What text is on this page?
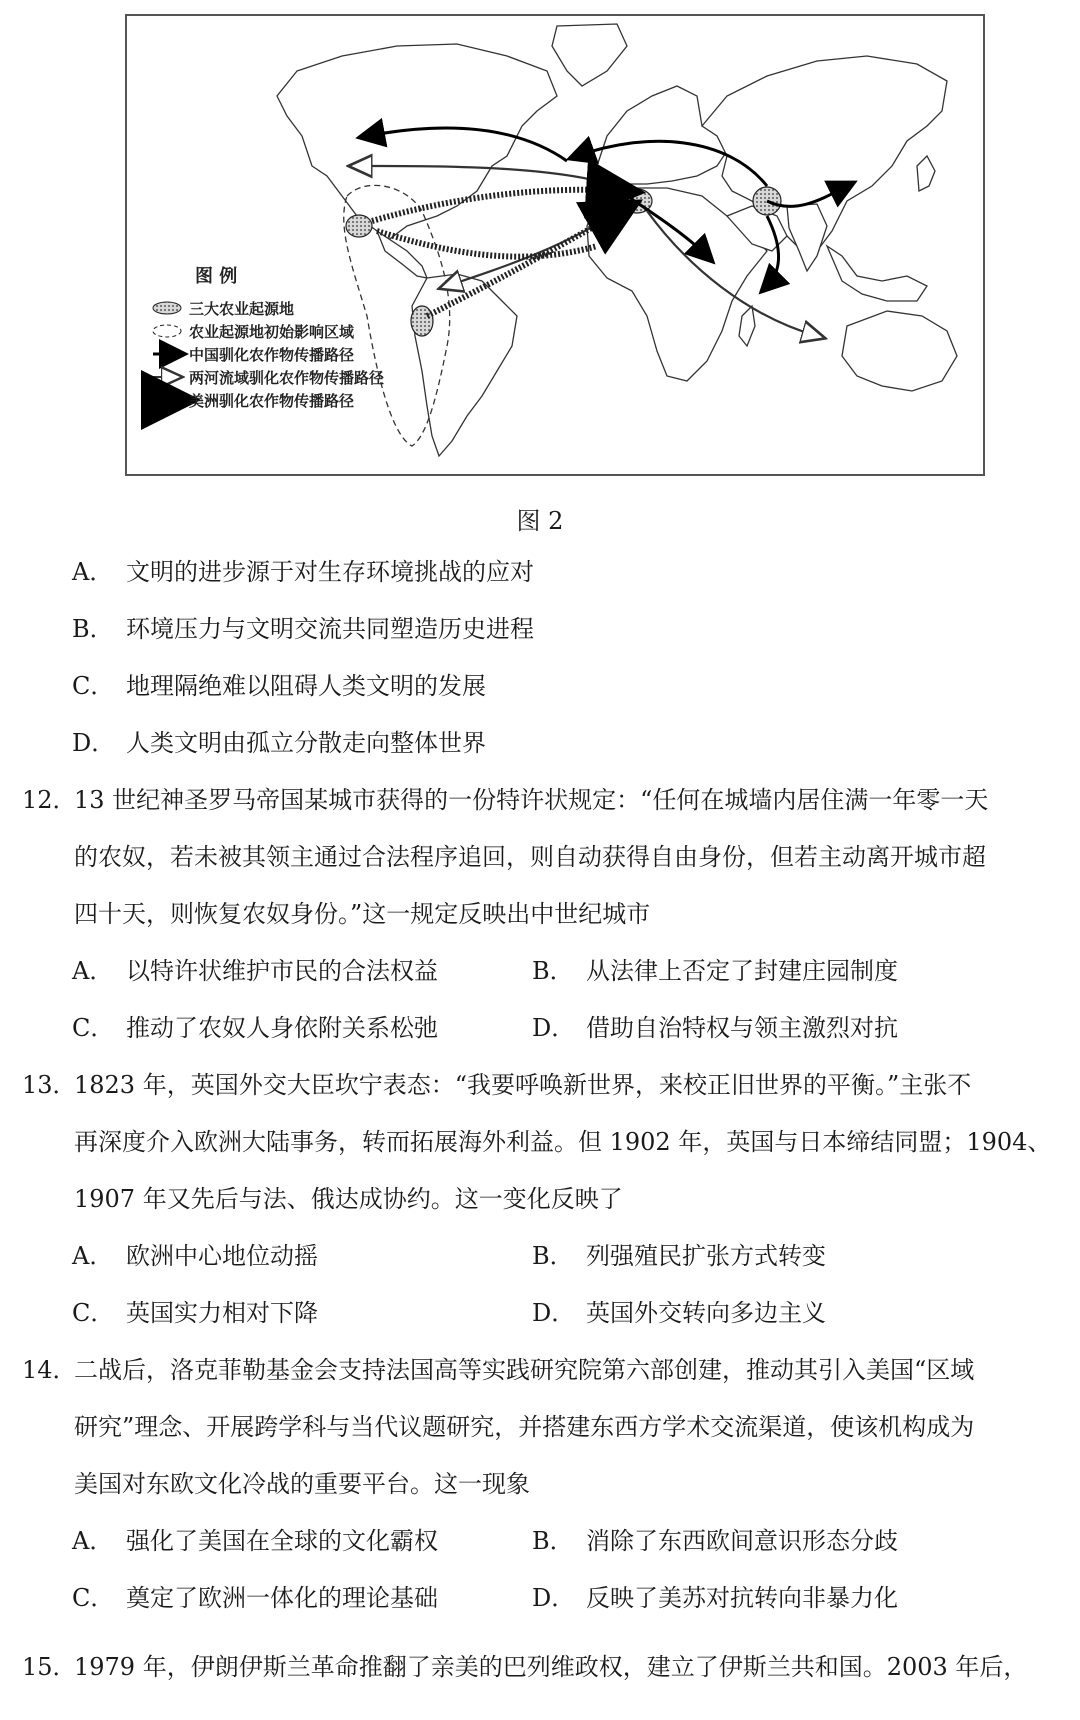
图 例
三大农业起源地
农业起源地初始影响区域
中国驯化农作物传播路径
两河流域驯化农作物传播路径
美洲驯化农作物传播路径
图 2
A． 文明的进步源于对生存环境挑战的应对
B． 环境压力与文明交流共同塑造历史进程
C． 地理隔绝难以阻碍人类文明的发展
D． 人类文明由孤立分散走向整体世界
12．13 世纪神圣罗马帝国某城市获得的一份特许状规定：“任何在城墙内居住满一年零一天
的农奴，若未被其领主通过合法程序追回，则自动获得自由身份，但若主动离开城市超
四十天，则恢复农奴身份。”这一规定反映出中世纪城市
A． 以特许状维护市民的合法权益	B． 从法律上否定了封建庄园制度
C． 推动了农奴人身依附关系松弛	D． 借助自治特权与领主激烈对抗
13．1823 年，英国外交大臣坎宁表态：“我要呼唤新世界，来校正旧世界的平衡。”主张不
再深度介入欧洲大陆事务，转而拓展海外利益。但 1902 年，英国与日本缔结同盟；1904、
1907 年又先后与法、俄达成协约。这一变化反映了
A． 欧洲中心地位动摇	B． 列强殖民扩张方式转变
C． 英国实力相对下降	D． 英国外交转向多边主义
14．二战后，洛克菲勒基金会支持法国高等实践研究院第六部创建，推动其引入美国“区域
研究”理念、开展跨学科与当代议题研究，并搭建东西方学术交流渠道，使该机构成为
美国对东欧文化冷战的重要平台。这一现象
A． 强化了美国在全球的文化霸权	B． 消除了东西欧间意识形态分歧
C． 奠定了欧洲一体化的理论基础	D． 反映了美苏对抗转向非暴力化
15．1979 年，伊朗伊斯兰革命推翻了亲美的巴列维政权，建立了伊斯兰共和国。2003 年后，
